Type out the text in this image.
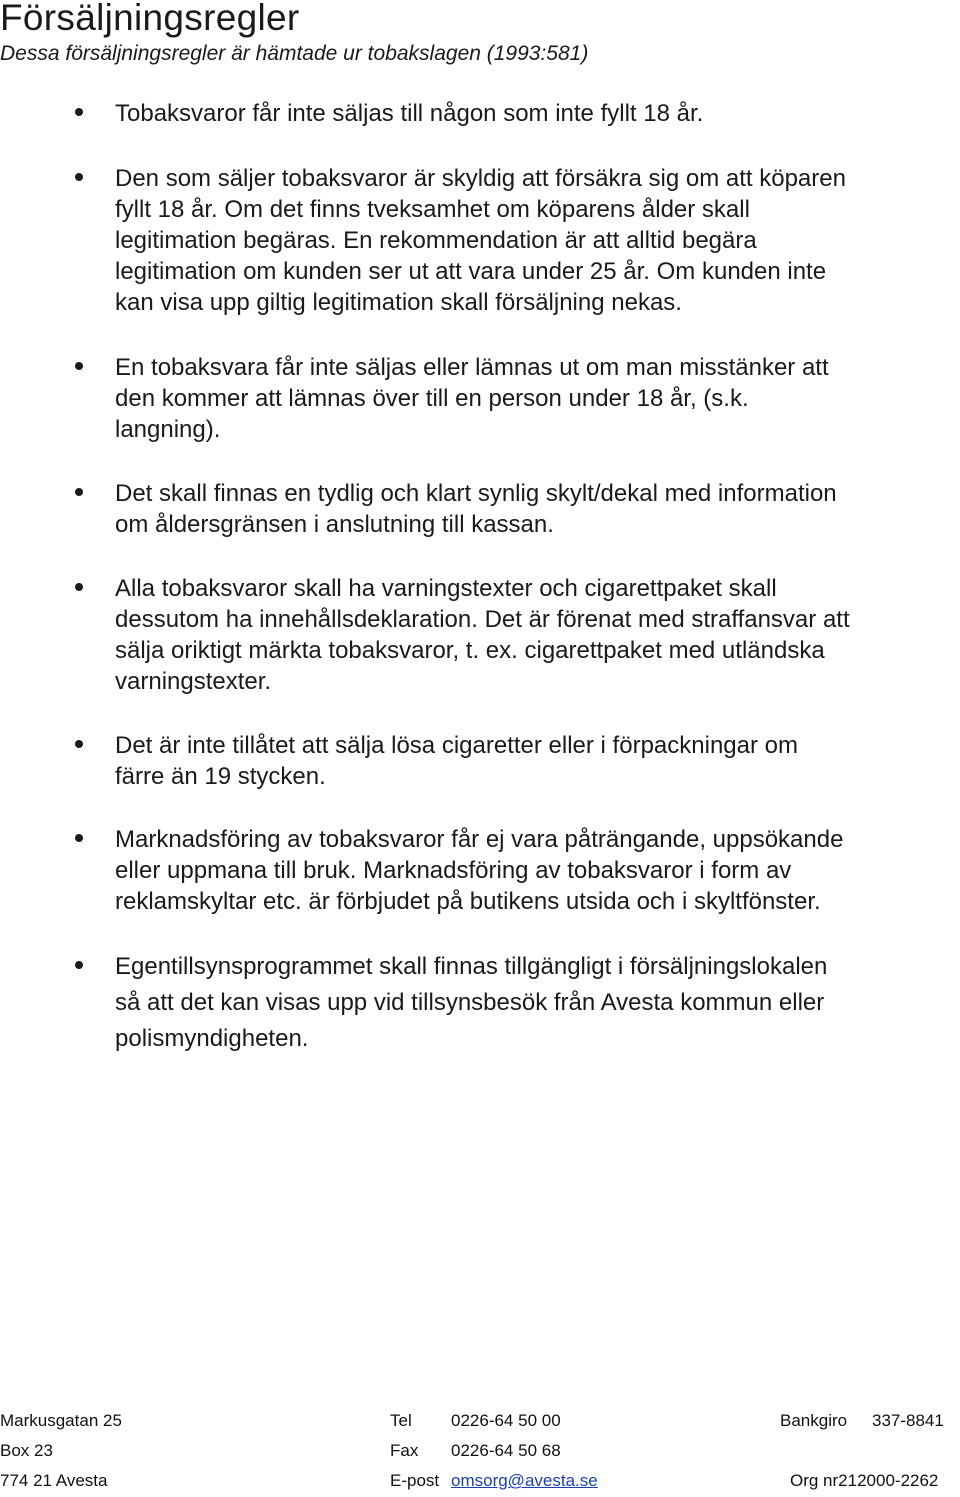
Försäljningsregler

Dessa försäljningsregler är hämtade ur tobakslagen (1993:581)

Tobaksvaror får inte säljas till någon som inte fyllt 18 år.
Den som säljer tobaksvaror är skyldig att försäkra sig om att köparen
fyllt 18 år. Om det finns tveksamhet om köparens ålder skall
legitimation begäras. En rekommendation är att alltid begära
legitimation om kunden ser ut att vara under 25 år. Om kunden inte
kan visa upp giltig legitimation skall försäljning nekas.
En tobaksvara får inte säljas eller lämnas ut om man misstänker att
den kommer att lämnas över till en person under 18 år, (s.k.
langning).
Det skall finnas en tydlig och klart synlig skylt/dekal med information
om åldersgränsen i anslutning till kassan.
Alla tobaksvaror skall ha varningstexter och cigarettpaket skall
dessutom ha innehållsdeklaration. Det är förenat med straffansvar att
sälja oriktigt märkta tobaksvaror, t. ex. cigarettpaket med utländska
varningstexter.
Det är inte tillåtet att sälja lösa cigaretter eller i förpackningar om
färre än 19 stycken.
Marknadsföring av tobaksvaror får ej vara påträngande, uppsökande
eller uppmana till bruk. Marknadsföring av tobaksvaror i form av
reklamskyltar etc. är förbjudet på butikens utsida och i skyltfönster.
Egentillsynsprogrammet skall finnas tillgängligt i försäljningslokalen
så att det kan visas upp vid tillsynsbesök från Avesta kommun eller
polismyndigheten.
Markusgatan 25
Box 23
774 21 Avesta
Tel 0226-64 50 00
Fax 0226-64 50 68
E-post omsorg@avesta.se
Bankgiro 337-8841
Org nr212000-2262
